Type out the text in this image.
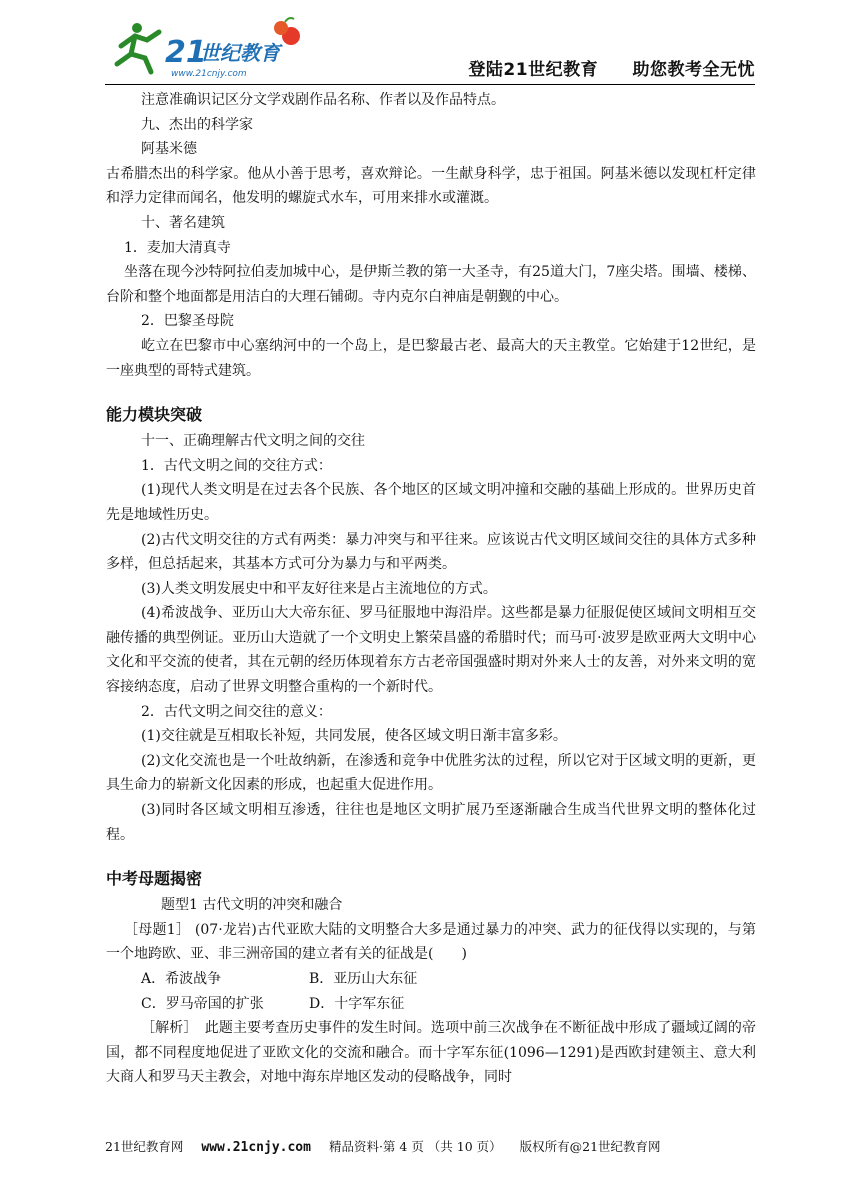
21
世纪教育
www.21cnjy.com	登陆21世纪教育 助您教考全无忧

注意准确识记区分文学戏剧作品名称、作者以及作品特点。

九、杰出的科学家

阿基米德

古希腊杰出的科学家。他从小善于思考，喜欢辩论。一生献身科学，忠于祖国。阿基米德以发现杠杆定律和浮力定律而闻名，他发明的螺旋式水车，可用来排水或灌溉。

十、著名建筑

1．麦加大清真寺

坐落在现今沙特阿拉伯麦加城中心，是伊斯兰教的第一大圣寺，有25道大门，7座尖塔。围墙、楼梯、台阶和整个地面都是用洁白的大理石铺砌。寺内克尔白神庙是朝觐的中心。

2．巴黎圣母院

屹立在巴黎市中心塞纳河中的一个岛上，是巴黎最古老、最高大的天主教堂。它始建于12世纪，是一座典型的哥特式建筑。

能力模块突破

十一、正确理解古代文明之间的交往

1．古代文明之间的交往方式：

(1)现代人类文明是在过去各个民族、各个地区的区域文明冲撞和交融的基础上形成的。世界历史首先是地域性历史。

(2)古代文明交往的方式有两类：暴力冲突与和平往来。应该说古代文明区域间交往的具体方式多种多样，但总括起来，其基本方式可分为暴力与和平两类。

(3)人类文明发展史中和平友好往来是占主流地位的方式。

(4)希波战争、亚历山大大帝东征、罗马征服地中海沿岸。这些都是暴力征服促使区域间文明相互交融传播的典型例证。亚历山大造就了一个文明史上繁荣昌盛的希腊时代；而马可·波罗是欧亚两大文明中心文化和平交流的使者，其在元朝的经历体现着东方古老帝国强盛时期对外来人士的友善，对外来文明的宽容接纳态度，启动了世界文明整合重构的一个新时代。

2．古代文明之间交往的意义：

(1)交往就是互相取长补短，共同发展，使各区域文明日渐丰富多彩。

(2)文化交流也是一个吐故纳新，在渗透和竞争中优胜劣汰的过程，所以它对于区域文明的更新，更具生命力的崭新文化因素的形成，也起重大促进作用。

(3)同时各区域文明相互渗透，往往也是地区文明扩展乃至逐渐融合生成当代世界文明的整体化过程。

中考母题揭密

题型1 古代文明的冲突和融合

［母题1］ (07·龙岩)古代亚欧大陆的文明整合大多是通过暴力的冲突、武力的征伐得以实现的，与第一个地跨欧、亚、非三洲帝国的建立者有关的征战是(　　)

A．希波战争	B．亚历山大东征
C．罗马帝国的扩张	D．十字军东征

［解析］　此题主要考查历史事件的发生时间。选项中前三次战争在不断征战中形成了疆域辽阔的帝国，都不同程度地促进了亚欧文化的交流和融合。而十字军东征(1096—1291)是西欧封建领主、意大利大商人和罗马天主教会，对地中海东岸地区发动的侵略战争，同时

21世纪教育网 www.21cnjy.com 精品资料·第 4 页 （共 10 页） 版权所有@21世纪教育网
